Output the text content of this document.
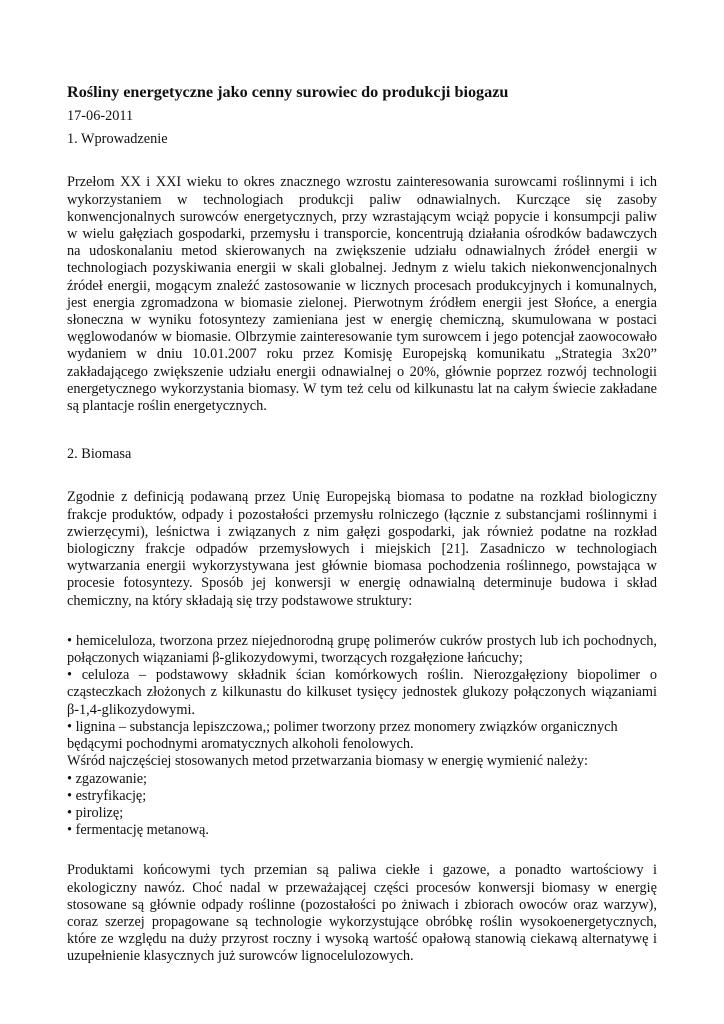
Rośliny energetyczne jako cenny surowiec do produkcji biogazu

17-06-2011

1. Wprowadzenie

Przełom XX i XXI wieku to okres znacznego wzrostu zainteresowania surowcami roślinnymi i ich wykorzystaniem w technologiach produkcji paliw odnawialnych. Kurczące się zasoby konwencjonalnych surowców energetycznych, przy wzrastającym wciąż popycie i konsumpcji paliw w wielu gałęziach gospodarki, przemysłu i transporcie, koncentrują działania ośrodków badawczych na udoskonalaniu metod skierowanych na zwiększenie udziału odnawialnych źródeł energii w technologiach pozyskiwania energii w skali globalnej. Jednym z wielu takich niekonwencjonalnych źródeł energii, mogącym znaleźć zastosowanie w licznych procesach produkcyjnych i komunalnych, jest energia zgromadzona w biomasie zielonej. Pierwotnym źródłem energii jest Słońce, a energia słoneczna w wyniku fotosyntezy zamieniana jest w energię chemiczną, skumulowana w postaci węglowodanów w biomasie. Olbrzymie zainteresowanie tym surowcem i jego potencjał zaowocowało wydaniem w dniu 10.01.2007 roku przez Komisję Europejską komunikatu „Strategia 3x20” zakładającego zwiększenie udziału energii odnawialnej o 20%, głównie poprzez rozwój technologii energetycznego wykorzystania biomasy. W tym też celu od kilkunastu lat na całym świecie zakładane są plantacje roślin energetycznych.

2. Biomasa

Zgodnie z definicją podawaną przez Unię Europejską biomasa to podatne na rozkład biologiczny frakcje produktów, odpady i pozostałości przemysłu rolniczego (łącznie z substancjami roślinnymi i zwierzęcymi), leśnictwa i związanych z nim gałęzi gospodarki, jak również podatne na rozkład biologiczny frakcje odpadów przemysłowych i miejskich [21]. Zasadniczo w technologiach wytwarzania energii wykorzystywana jest głównie biomasa pochodzenia roślinnego, powstająca w procesie fotosyntezy. Sposób jej konwersji w energię odnawialną determinuje budowa i skład chemiczny, na który składają się trzy podstawowe struktury:

• hemiceluloza, tworzona przez niejednorodną grupę polimerów cukrów prostych lub ich pochodnych, połączonych wiązaniami β-glikozydowymi, tworzących rozgałęzione łańcuchy;

• celuloza – podstawowy składnik ścian komórkowych roślin. Nierozgałęziony biopolimer o cząsteczkach złożonych z kilkunastu do kilkuset tysięcy jednostek glukozy połączonych wiązaniami β-1,4-glikozydowymi.

• lignina – substancja lepiszczowa,; polimer tworzony przez monomery związków organicznych będącymi pochodnymi aromatycznych alkoholi fenolowych.

Wśród najczęściej stosowanych metod przetwarzania biomasy w energię wymienić należy:

• zgazowanie;

• estryfikację;

• pirolizę;

• fermentację metanową.

Produktami końcowymi tych przemian są paliwa ciekłe i gazowe, a ponadto wartościowy i ekologiczny nawóz. Choć nadal w przeważającej części procesów konwersji biomasy w energię stosowane są głównie odpady roślinne (pozostałości po żniwach i zbiorach owoców oraz warzyw), coraz szerzej propagowane są technologie wykorzystujące obróbkę roślin wysokoenergetycznych, które ze względu na duży przyrost roczny i wysoką wartość opałową stanowią ciekawą alternatywę i uzupełnienie klasycznych już surowców lignocelulozowych.
